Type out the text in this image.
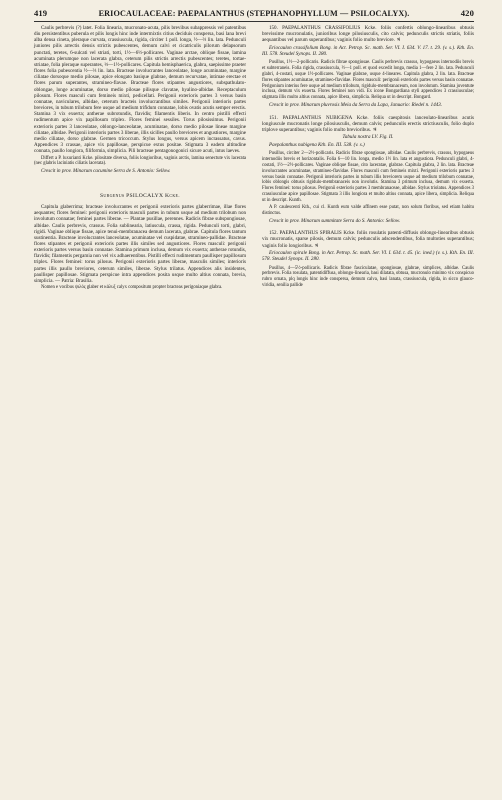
419	ERIOCAULACEAE: PAEPALANTHUS (STEPHANOPHYLLUM — PSILOCALYX).	420

Caulis perbrevis (?) latet. Folia linearia, mucronato-acuta, pilis brevibus subappressis vel patentibus diu persistentibus puberula et pilis longis hinc inde intermixtis citius deciduis conspersa, basi lana brevi alba densa cineta, pleraque curvata, crassiuscula, rigida, circiter 1 poll. longa, ½—⅔ lin. lata. Pedunculi juniores pilis arrectis densis strictis pubescentes, demum calvi et cicatriculis pilorum delapsorum punctati, teretes, 6-sulcati vel striati, torti, 1½—6½-pollicares. Vaginae arctae, oblique fissae, lamina acuminata plerumque non lacerata glabra, ceterum pilis strictis arrectis pubescentes; teretes, tortae-striatae, folia pleraque superantes, ⅓—1½-pollicares. Capitula hemisphaerica, glabra, saepissime praeter flores folia pubescentia ½—⅔ lin. lata. Bracteae involucrantes lanceolatae, longe acuminatae, margine ciliatae dorsoque medio pilosae, apice elongato basique glabrae, demum recurvatae, intimae erectae et flores parum superantes, stramineo-flavae. Bracteae flores stipantes angustiores, subspathulato-oblongae, longe acuminatae, dorso medio pilosae pilisque clavatae, hyalino-albidae. Receptaculum pilosum. Flores masculi cum femineis mixti, pedicellati. Perigonii exterioris partes 3 versus basin connatae, naviculares, albidae, ceterum bracteis involucrantibus similes. Perigonii interioris partes breviores, in tubum trilobum fere usque ad medium trifidum connatae, lobis ovatis acutis semper erectis. Stamina 3 vix exserta; antherae subrotundis, flavidis; filamentis liberis. In centro pistilli effecti rudimentum apice vix papillosum triplex. Flores feminei sessiles. Torus pilosissimus. Perigonii exterioris partes 3 lanceolatae, oblongo-lanceolatae, acuminatae, dorso medio pilosae lineae margine ciliatae, albidae. Perigonii interioris partes 3 liberae, illis sicilles paullo breviores et angustiores, margine medio ciliatae, dorso glabrae. Germen tricoccum. Stylus longus, versus apicem incrassatus, cavus. Appendices 3 crassae, apice vix papillosae, perspicue extus positae. Stigmata 3 eadem altitudine connata, paullo longiora, filiformia, simplicia. Pili bracteae pentagonogonici sicure acuti, intus laeves.

Differt a P. luxurianti Kcke. pilositate diversa, foliis longioribus, vaginis arctis, lamina senectute vix lacerata (nec glabris laciniatis ciliatis lacerata).

Crescit in prov. Minarum cacumine Serra de S. Antonio: Sellow.

Subgenus PSILOCALYX Kcke.

Capitula glaberrima; bracteae involucrantes et perigonii exterioris partes glaberrimae, illae flores aequantes; flores feminei: perigonii exterioris masculi partes in tubum usque ad medium trilobum non involutum connatae; feminei partes liberae. — Plantae pusillae, perennes. Radicis fibrae subspongiosae, albidae. Caulis perbrevis, crassus. Folia sublinearia, latiuscula, crassa, rigida. Pedunculi torti, glabri, rigidi. Vaginae oblique fissae, apice tenui-membranacea demum lacerata, glabrae. Capitula flores tantum sustinentia. Bracteae involucrantes lanceolatae, acuminatae vel cuspidatae, stramineo-pallidae. Bracteae flores stipantes et perigonii exterioris partes illis similes sed angustiores. Flores masculi: perigonii exterioris partes versus basin connatae. Stamina primum inclusa, demum vix exserta; antherae rotundis, flavidis; filamentis pergamia non vel vix adhaerentibus. Pistilli effecti rudimentum paullisper papillosum triplex. Flores feminei: torus pilosus. Perigonii exterioris partes liberae, masculis similes; interioris partes illis paullo breviores, ceterum similes, liberae. Stylus trilatus. Appendices alis insidentes, paullisper papillosae. Stigmata perspicue intra appendices posita usque multo altius connata, brevia, simplicia. — Patria: Brasilia.

Nomen e vocibus ψιλός glaber et κάλυξ calyx compositum propter bracteas perigoniaque glabra.

150. PAEPALANTHUS CRASSIFOLIUS Kcke. foliis confertis oblongo-linearibus obtusis brevissime mucronulatis, junioribus longe pilosiusculis, cito calvis; pedunculis strictis striatis, foliis aequantibus vel parum superantibus; vaginis folio multo breviore. ♃

Eriocaulon crassifolium Bong. in Act. Petrop. Sc. math. Ser. VI. I. 634. V. 17. t. 29. (v. s.). Kth. En. III. 578. Steudel Synops. II. 280.

Pusillus, 1½—2-pollicaris. Radicis fibrae spongiosae. Caulis perbrevis crassus, hypogaeus internodiis brevis et subterraneis. Folia rigida, crassiuscula, ½—1 poll. et quod excedit longa, media 1—fere 2 lin. lata. Pedunculi glabri, 4-costati, usque 1½-pollicares. Vaginae glabrae, usque 4-lineares. Capitula glabra, 2 lin. lata. Bracteae flores stipantes acuminatae, stramineo-flavidae. Flores masculi: perigonii exterioris partes versus basin connatae. Perigonium interius fere usque ad medium trilobum, rigidulo-membranaceum, non involutum. Stamina juventute inclusa, demum vix exserta. Flores feminei non vidi. Ex icone Bongardiana styli appendices 3 crassiusculae; stigmata illis multo altius connata, apice libera, simplicia. Reliqua ut in descript. Bongard.

Crescit in prov. Minarum pluvrosis Meia da Serra da Lapa, Januario: Riedel n. 1443.

151. PAEPALANTHUS NUBIGENA Kcke. foliis caespitosis lanceolato-linearibus acutis longiuscule mucronatis longe pilosiusculis, demum calvis; pedunculis erectis strictiusculis, folio duplo triplove superantibus; vaginis folio multo brevioribus. ♃

Tabula nostra LV. Fig. II.

Paepalanthus nubigena Kth. En. III. 538. (v. s.)

Pusillus, circiter 2—2½-pollicaris. Radicis fibrae spongiosae, albidae. Caulis perbrevis, crassus, hypogaeus internodiis brevis et horizontalis. Folia 6—10 lin. longa, medio 1½ lin. lata et angustiora. Pedunculi glabri, 4-costati, 1½—2½-pollicares. Vaginae oblique fissae, cito laceratae, glabrae. Capitula glabra, 2 lin. lata. Bracteae involucrantes acuminatae, stramineo-flavidae. Flores masculi cum femineis mixti. Perigonii exterioris partes 3 versus basin connatae. Perigonii interioris partes in tubum illis breviorem usque ad medium trilobum connatae, lobis oblongis obtusis rigidulo-membranaceis non involutis. Stamina 3 primum inclusa, demum vix exserta. Flores feminei: torus pilosus. Perigonii exterioris partes 3 membranaceae, albidae. Stylus triolatus. Appendices 3 crassiusculae apice papillosae. Stigmata 3 illis longiora et multo altius connata, apice libera, simplicia. Reliqua ut in descript. Kunth.

A P. caulescenti Kth., cui cl. Kunth eum valde affinem esse putat, non solum floribus, sed etiam habitu distinctus.

Crescit in prov. Minarum summitate Serra do S. Antonio: Sellow.

152. PAEPALANTHUS SPIRALIS Kcke. foliis rosulatis patenti-diffusis oblongo-linearibus obtusis vix mucronatis, sparse pilosis, demum calvis; pedunculis adscendentibus, folia multoties superantibus; vaginis folio longioribus. ♃

Eriocaulon spirale Bong. in Act. Petrop. Sc. math. Ser. VI. I. 634. t. 45. (ic. ined.) (v. s.). Kth. En. III. 578. Steudel Synops. II. 280.

Pusillus, 4—5½-pollicaris. Radicis fibrae fasciculatae, spongiosae, glabrae, simplices, albidae. Caulis perbrevis. Folia rosulata, patentidiffusa, oblongo-linearia, basi dilatata, obtusa, mucronulo minimo vix conspicuo rubro ornata, plq longis hinc inde conspersa, demum calva, basi lanata, crassiuscula, rigida, in sicco glauco-viridia, senilia pallide
